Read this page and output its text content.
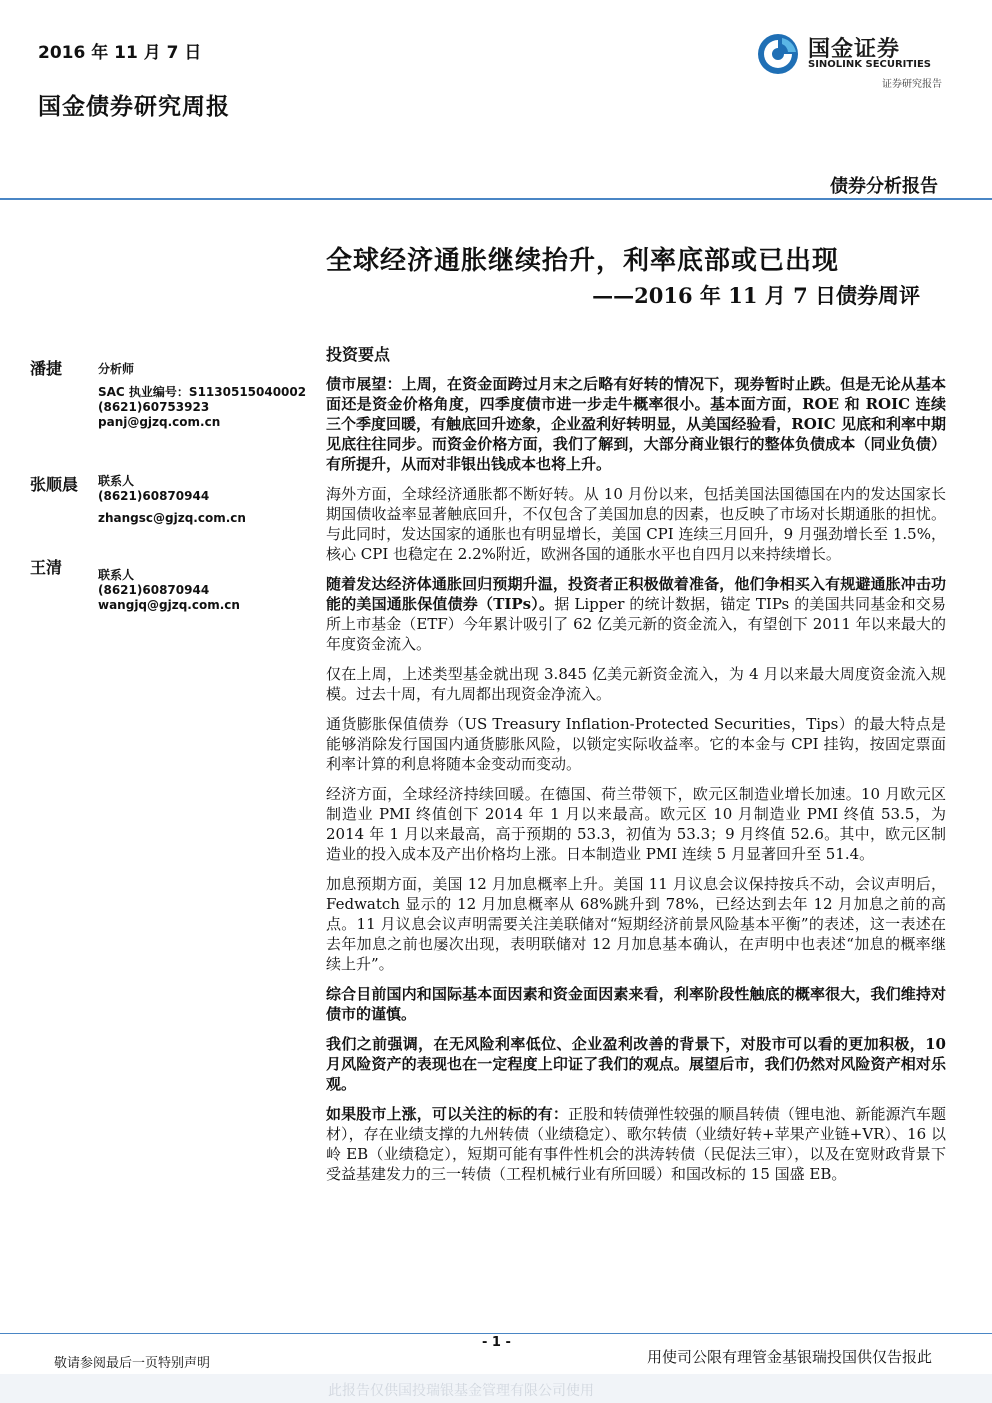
2016 年 11 月 7 日
国金债券研究周报
国金证券
SINOLINK SECURITIES
证券研究报告
债券分析报告
全球经济通胀继续抬升，利率底部或已出现
——2016 年 11 月 7 日债券周评
潘捷	分析师
SAC 执业编号：S1130515040002
(8621)60753923
panj@gjzq.com.cn
张顺晨 联系人
(8621)60870944
zhangsc@gjzq.com.cn
王清	联系人
(8621)60870944
wangjq@gjzq.com.cn
投资要点

债市展望：上周，在资金面跨过月末之后略有好转的情况下，现券暂时止跌。但是无论从基本面还是资金价格角度，四季度债市进一步走牛概率很小。基本面方面，ROE 和 ROIC 连续三个季度回暖，有触底回升迹象，企业盈利好转明显，从美国经验看，ROIC 见底和利率中期见底往往同步。而资金价格方面，我们了解到，大部分商业银行的整体负债成本（同业负债）有所提升，从而对非银出钱成本也将上升。

海外方面，全球经济通胀都不断好转。从 10 月份以来，包括美国法国德国在内的发达国家长期国债收益率显著触底回升，不仅包含了美国加息的因素，也反映了市场对长期通胀的担忧。与此同时，发达国家的通胀也有明显增长，美国 CPI 连续三月回升，9 月强劲增长至 1.5%，核心 CPI 也稳定在 2.2%附近，欧洲各国的通胀水平也自四月以来持续增长。

随着发达经济体通胀回归预期升温，投资者正积极做着准备，他们争相买入有规避通胀冲击功能的美国通胀保值债券（TIPs）。据 Lipper 的统计数据，锚定 TIPs 的美国共同基金和交易所上市基金（ETF）今年累计吸引了 62 亿美元新的资金流入，有望创下 2011 年以来最大的年度资金流入。

仅在上周，上述类型基金就出现 3.845 亿美元新资金流入，为 4 月以来最大周度资金流入规模。过去十周，有九周都出现资金净流入。

通货膨胀保值债券（US Treasury Inflation-Protected Securities，Tips）的最大特点是能够消除发行国国内通货膨胀风险，以锁定实际收益率。它的本金与 CPI 挂钩，按固定票面利率计算的利息将随本金变动而变动。

经济方面，全球经济持续回暖。在德国、荷兰带领下，欧元区制造业增长加速。10 月欧元区制造业 PMI 终值创下 2014 年 1 月以来最高。欧元区 10 月制造业 PMI 终值 53.5，为 2014 年 1 月以来最高，高于预期的 53.3，初值为 53.3；9 月终值 52.6。其中，欧元区制造业的投入成本及产出价格均上涨。日本制造业 PMI 连续 5 月显著回升至 51.4。

加息预期方面，美国 12 月加息概率上升。美国 11 月议息会议保持按兵不动，会议声明后，Fedwatch 显示的 12 月加息概率从 68%跳升到 78%，已经达到去年 12 月加息之前的高点。11 月议息会议声明需要关注美联储对“短期经济前景风险基本平衡”的表述，这一表述在去年加息之前也屡次出现，表明联储对 12 月加息基本确认，在声明中也表述“加息的概率继续上升”。

综合目前国内和国际基本面因素和资金面因素来看，利率阶段性触底的概率很大，我们维持对债市的谨慎。

我们之前强调，在无风险利率低位、企业盈利改善的背景下，对股市可以看的更加积极，10 月风险资产的表现也在一定程度上印证了我们的观点。展望后市，我们仍然对风险资产相对乐观。

如果股市上涨，可以关注的标的有：正股和转债弹性较强的顺昌转债（锂电池、新能源汽车题材），存在业绩支撑的九州转债（业绩稳定）、歌尔转债（业绩好转+苹果产业链+VR）、16 以岭 EB（业绩稳定），短期可能有事件性机会的洪涛转债（民促法三审），以及在宽财政背景下受益基建发力的三一转债（工程机械行业有所回暖）和国改标的 15 国盛 EB。

- 1 -
敬请参阅最后一页特别声明	用使司公限有理管金基银瑞投国供仅告报此
此报告仅供国投瑞银基金管理有限公司使用
